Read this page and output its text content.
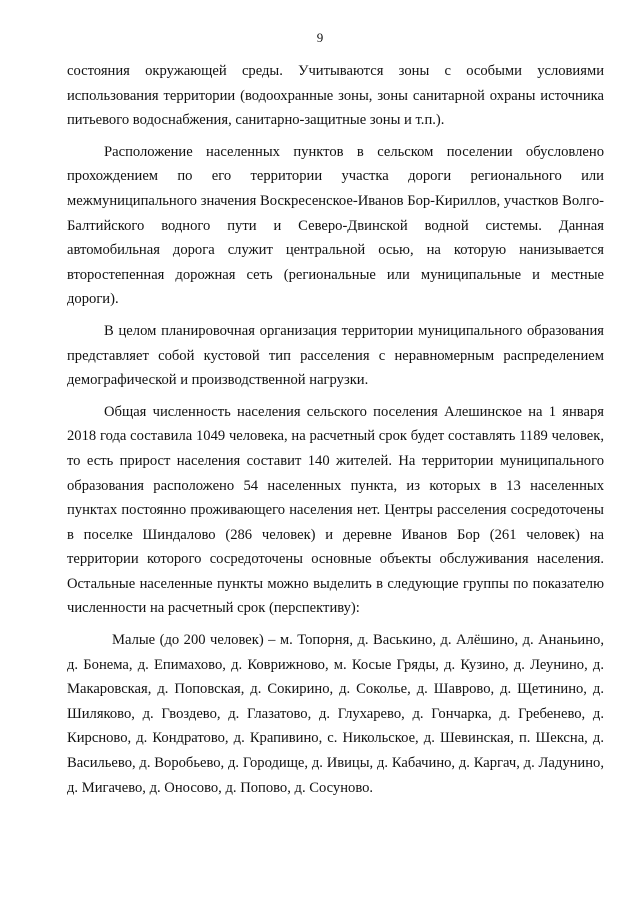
9

состояния окружающей среды. Учитываются зоны с особыми условиями использования территории (водоохранные зоны, зоны санитарной охраны источника питьевого водоснабжения, санитарно-защитные зоны и т.п.).

Расположение населенных пунктов в сельском поселении обусловлено прохождением по его территории участка дороги регионального или межмуниципального значения Воскресенское-Иванов Бор-Кириллов, участков Волго-Балтийского водного пути и Северо-Двинской водной системы. Данная автомобильная дорога служит центральной осью, на которую нанизывается второстепенная дорожная сеть (региональные или муниципальные и местные дороги).

В целом планировочная организация территории муниципального образования представляет собой кустовой тип расселения с неравномерным распределением демографической и производственной нагрузки.

Общая численность населения сельского поселения Алешинское на 1 января 2018 года составила 1049 человека, на расчетный срок будет составлять 1189 человек, то есть прирост населения составит 140 жителей. На территории муниципального образования расположено 54 населенных пункта, из которых в 13 населенных пунктах постоянно проживающего населения нет. Центры расселения сосредоточены в поселке Шиндалово (286 человек) и деревне Иванов Бор (261 человек) на территории которого сосредоточены основные объекты обслуживания населения. Остальные населенные пункты можно выделить в следующие группы по показателю численности на расчетный срок (перспективу):

Малые (до 200 человек) – м. Топорня, д. Васькино, д. Алёшино, д. Ананьино, д. Бонема, д. Епимахово, д. Коврижново, м. Косые Гряды, д. Кузино, д. Леунино, д. Макаровская, д. Поповская, д. Сокирино, д. Соколье, д. Шаврово, д. Щетинино, д. Шиляково, д. Гвоздево, д. Глазатово, д. Глухарево, д. Гончарка, д. Гребенево, д. Кирсново, д. Кондратово, д. Крапивино, с. Никольское, д. Шевинская, п. Шексна, д. Васильево, д. Воробьево, д. Городище, д. Ивицы, д. Кабачино, д. Каргач, д. Ладунино, д. Мигачево, д. Оносово, д. Попово, д. Сосуново.
